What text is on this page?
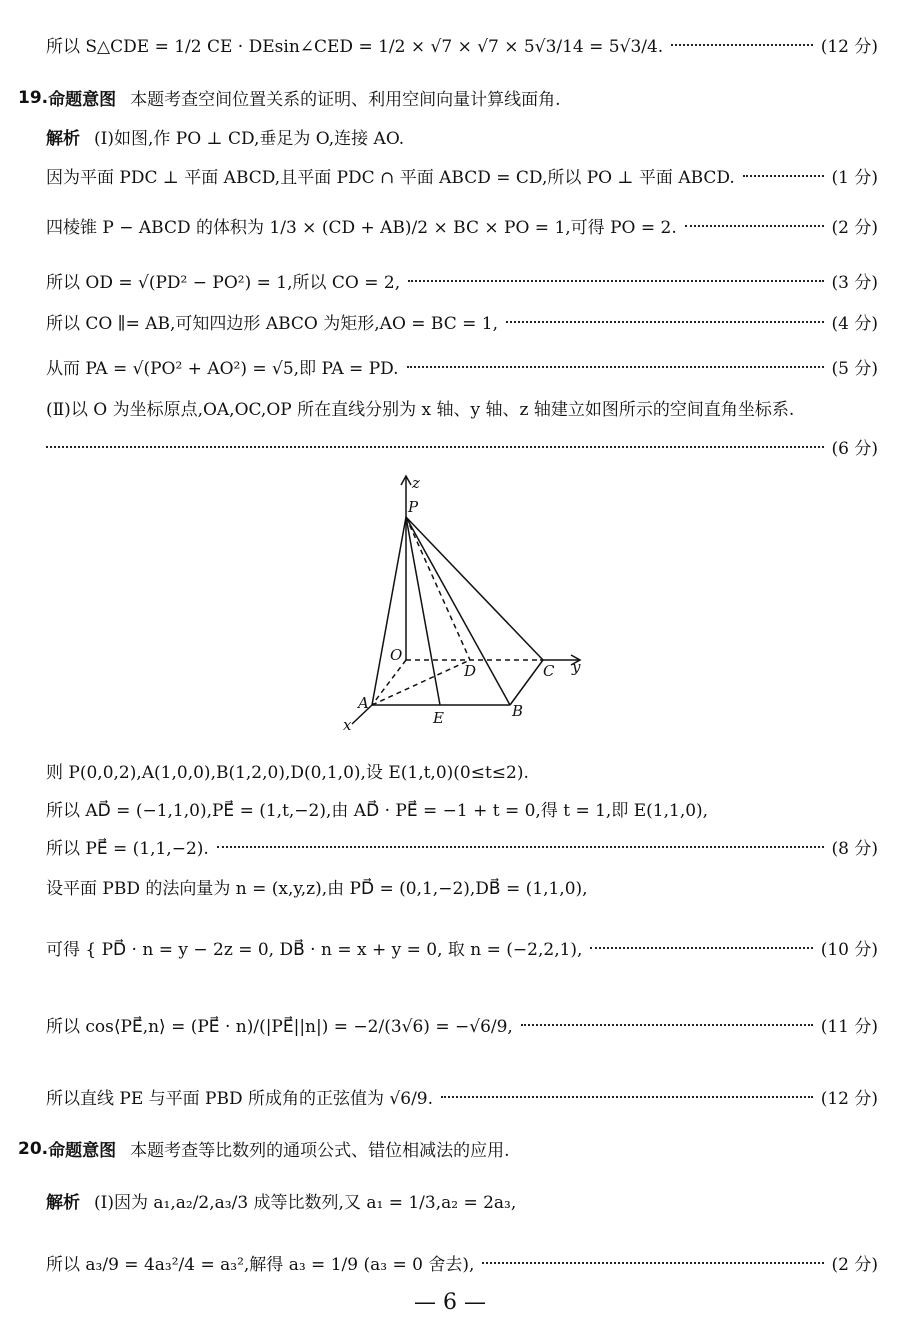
所以 S△CDE = 1/2 CE · DEsin∠CED = 1/2 × √7 × √7 × 5√3/14 = 5√3/4.	(12 分)
19. 命题意图 本题考查空间位置关系的证明、利用空间向量计算线面角.
解析 (Ⅰ)如图,作 PO ⊥ CD,垂足为 O,连接 AO.
因为平面 PDC ⊥ 平面 ABCD,且平面 PDC ∩ 平面 ABCD = CD,所以 PO ⊥ 平面 ABCD.	(1 分)
四棱锥 P − ABCD 的体积为 1/3 × (CD + AB)/2 × BC × PO = 1,可得 PO = 2.	(2 分)
所以 OD = √(PD² − PO²) = 1,所以 CO = 2,	(3 分)
所以 CO ∥= AB,可知四边形 ABCO 为矩形,AO = BC = 1,	(4 分)
从而 PA = √(PO² + AO²) = √5,即 PA = PD.	(5 分)
(Ⅱ)以 O 为坐标原点,OA,OC,OP 所在直线分别为 x 轴、y 轴、z 轴建立如图所示的空间直角坐标系.
(6 分)
z
P
O
D	C y
A
E	B
x
则 P(0,0,2),A(1,0,0),B(1,2,0),D(0,1,0),设 E(1,t,0)(0≤t≤2).
所以 AD⃗ = (−1,1,0),PE⃗ = (1,t,−2),由 AD⃗ · PE⃗ = −1 + t = 0,得 t = 1,即 E(1,1,0),
所以 PE⃗ = (1,1,−2).	(8 分)
设平面 PBD 的法向量为 n = (x,y,z),由 PD⃗ = (0,1,−2),DB⃗ = (1,1,0),
可得 { PD⃗ · n = y − 2z = 0, DB⃗ · n = x + y = 0, 取 n = (−2,2,1),	(10 分)
所以 cos⟨PE⃗,n⟩ = (PE⃗ · n)/(|PE⃗||n|) = −2/(3√6) = −√6/9,	(11 分)
所以直线 PE 与平面 PBD 所成角的正弦值为 √6/9.	(12 分)
20. 命题意图 本题考查等比数列的通项公式、错位相减法的应用.
解析 (Ⅰ)因为 a₁,a₂/2,a₃/3 成等比数列,又 a₁ = 1/3,a₂ = 2a₃,
所以 a₃/9 = 4a₃²/4 = a₃²,解得 a₃ = 1/9 (a₃ = 0 舍去),	(2 分)
— 6 —
